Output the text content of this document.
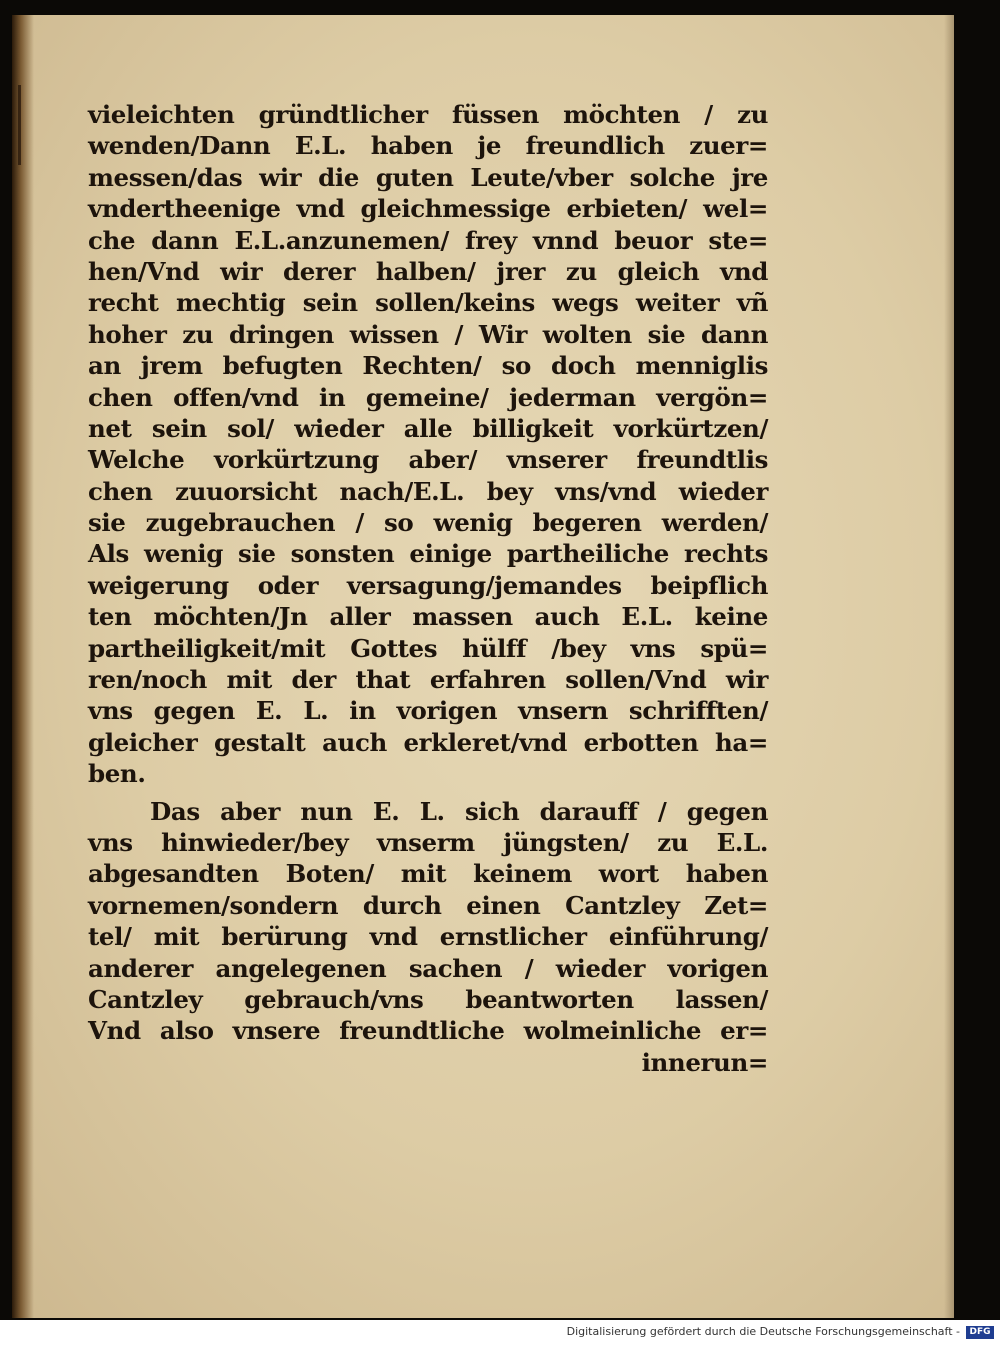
vieleichten gründtlicher füssen möchten / zu
wenden/Dann E.L. haben je freundlich zuer=
messen/das wir die guten Leute/vber solche jre
vndertheenige vnd gleichmessige erbieten/ wel=
che dann E.L.anzunemen/ frey vnnd beuor ste=
hen/Vnd wir derer halben/ jrer zu gleich vnd
recht mechtig sein sollen/keins wegs weiter vñ
hoher zu dringen wissen / Wir wolten sie dann
an jrem befugten Rechten/ so doch menniglis
chen offen/vnd in gemeine/ jederman vergön=
net sein sol/ wieder alle billigkeit vorkürtzen/
Welche vorkürtzung aber/ vnserer freundtlis
chen zuuorsicht nach/E.L. bey vns/vnd wieder
sie zugebrauchen / so wenig begeren werden/
Als wenig sie sonsten einige partheiliche rechts
weigerung oder versagung/jemandes beipflich
ten möchten/Jn aller massen auch E.L. keine
partheiligkeit/mit Gottes hülff /bey vns spü=
ren/noch mit der that erfahren sollen/Vnd wir
vns gegen E. L. in vorigen vnsern schrifften/
gleicher gestalt auch erkleret/vnd erbotten ha=
ben.
Das aber nun E. L. sich darauff / gegen
vns hinwieder/bey vnserm jüngsten/ zu E.L.
abgesandten Boten/ mit keinem wort haben
vornemen/sondern durch einen Cantzley Zet=
tel/ mit berürung vnd ernstlicher einführung/
anderer angelegenen sachen / wieder vorigen
Cantzley gebrauch/vns beantworten lassen/
Vnd also vnsere freundtliche wolmeinliche er=
innerun=
Digitalisierung gefördert durch die Deutsche Forschungsgemeinschaft -	DFG
